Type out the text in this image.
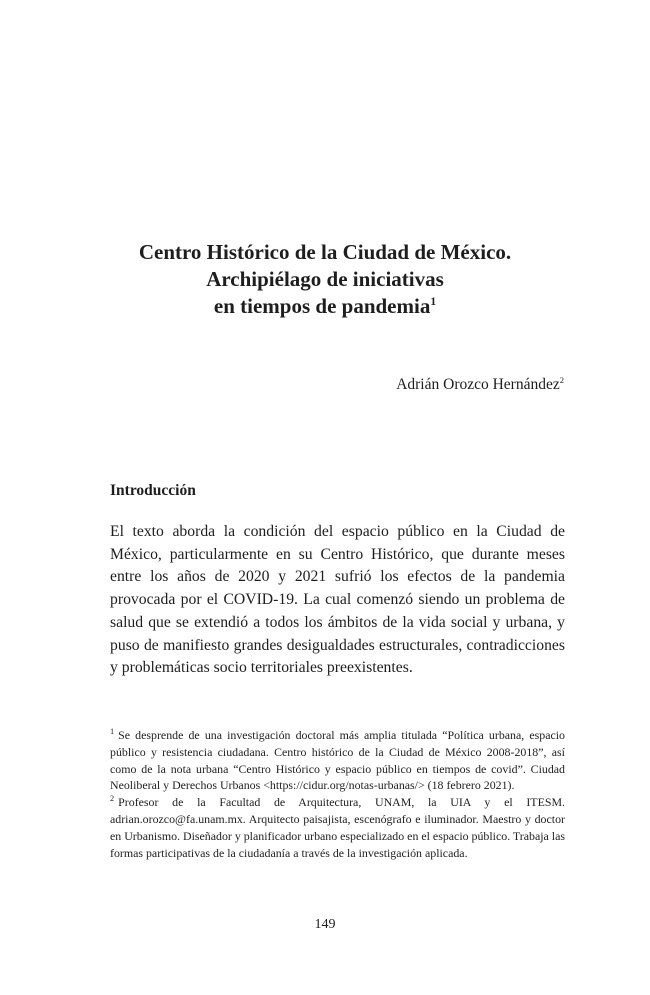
Centro Histórico de la Ciudad de México.
Archipiélago de iniciativas
en tiempos de pandemia$^1$
Adrián Orozco Hernández$^2$
Introducción

El texto aborda la condición del espacio público en la Ciudad de México, particularmente en su Centro Histórico, que durante meses entre los años de 2020 y 2021 sufrió los efectos de la pandemia provocada por el COVID-19. La cual comenzó siendo un problema de salud que se extendió a todos los ámbitos de la vida social y urbana, y puso de manifiesto grandes desigualdades estructurales, contradicciones y problemáticas socio territoriales preexistentes.

$^1$ Se desprende de una investigación doctoral más amplia titulada “Política urbana, espacio público y resistencia ciudadana. Centro histórico de la Ciudad de México 2008-2018”, así como de la nota urbana “Centro Histórico y espacio público en tiempos de covid”. Ciudad Neoliberal y Derechos Urbanos <https://cidur.org/notas-urbanas/> (18 febrero 2021).

$^2$ Profesor de la Facultad de Arquitectura, UNAM, la UIA y el ITESM. adrian.orozco@fa.unam.mx. Arquitecto paisajista, escenógrafo e iluminador. Maestro y doctor en Urbanismo. Diseñador y planificador urbano especializado en el espacio público. Trabaja las formas participativas de la ciudadanía a través de la investigación aplicada.

149
